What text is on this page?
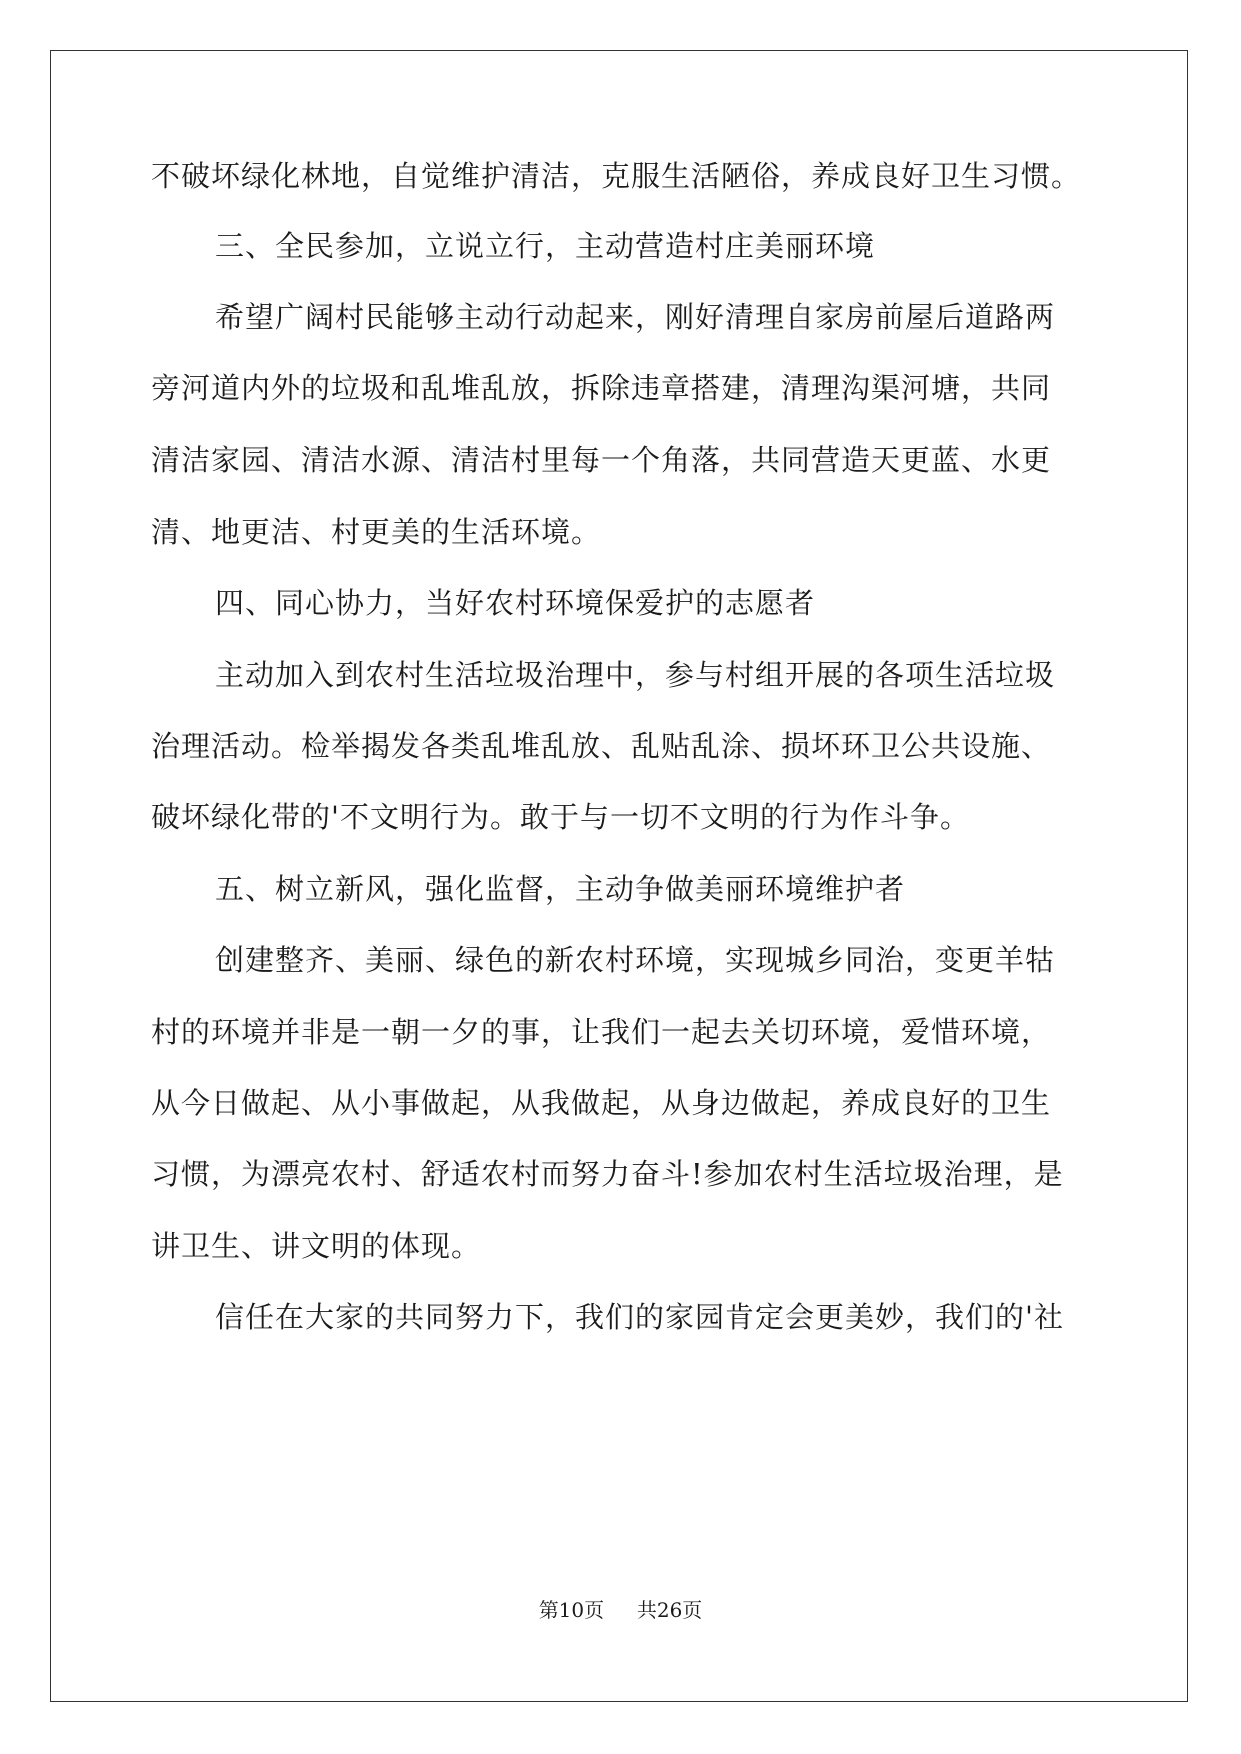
不破坏绿化林地，自觉维护清洁，克服生活陋俗，养成良好卫生习惯。
三、全民参加，立说立行，主动营造村庄美丽环境
希望广阔村民能够主动行动起来，刚好清理自家房前屋后道路两
旁河道内外的垃圾和乱堆乱放，拆除违章搭建，清理沟渠河塘，共同
清洁家园、清洁水源、清洁村里每一个角落，共同营造天更蓝、水更
清、地更洁、村更美的生活环境。
四、同心协力，当好农村环境保爱护的志愿者
主动加入到农村生活垃圾治理中，参与村组开展的各项生活垃圾
治理活动。检举揭发各类乱堆乱放、乱贴乱涂、损坏环卫公共设施、
破坏绿化带的'不文明行为。敢于与一切不文明的行为作斗争。
五、树立新风，强化监督，主动争做美丽环境维护者
创建整齐、美丽、绿色的新农村环境，实现城乡同治，变更羊牯
村的环境并非是一朝一夕的事，让我们一起去关切环境，爱惜环境，
从今日做起、从小事做起，从我做起，从身边做起，养成良好的卫生
习惯，为漂亮农村、舒适农村而努力奋斗!参加农村生活垃圾治理，是
讲卫生、讲文明的体现。
信任在大家的共同努力下，我们的家园肯定会更美妙，我们的'社
第10页 共26页
